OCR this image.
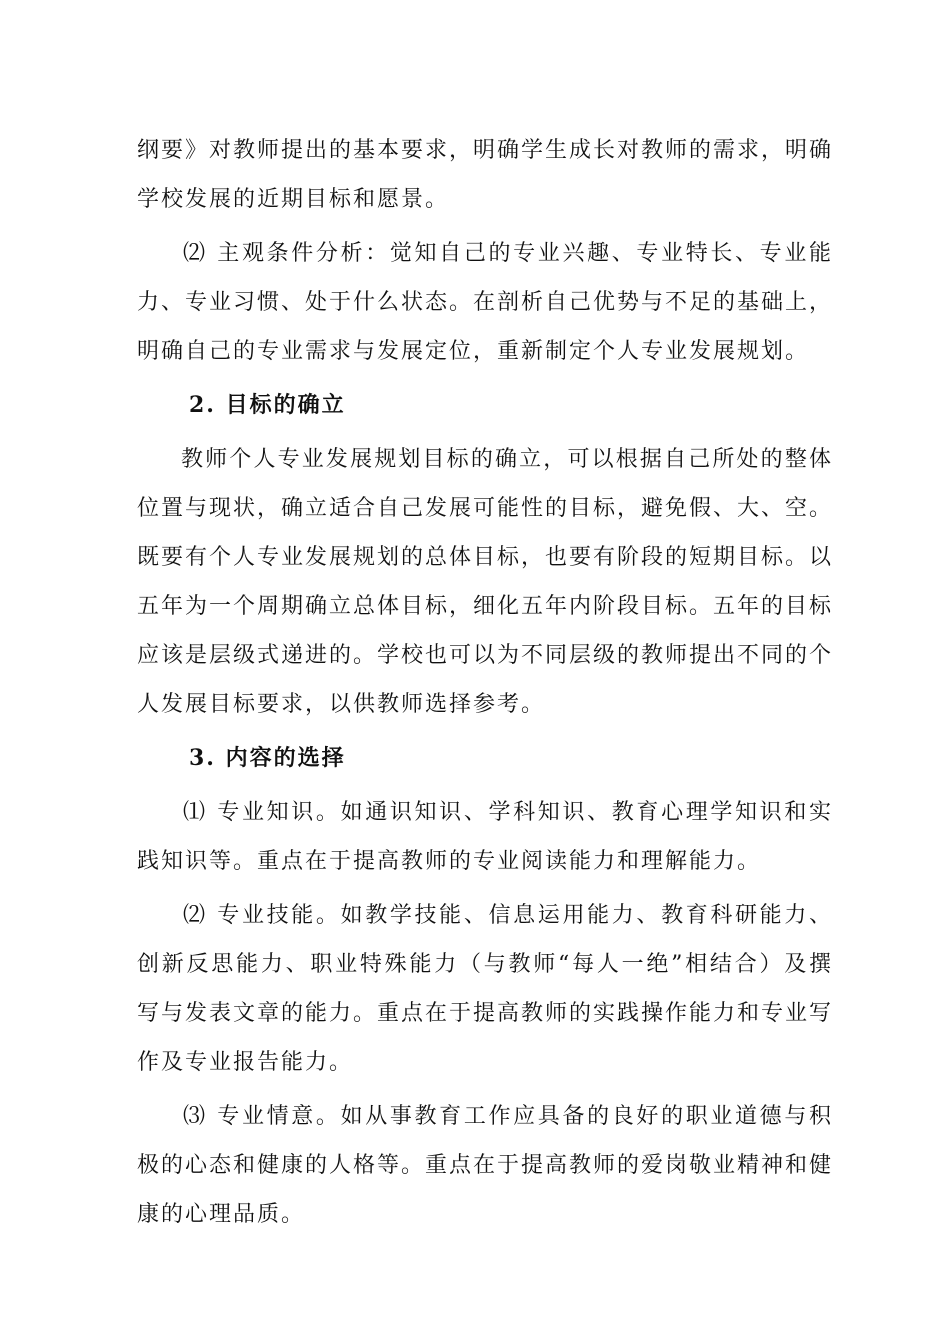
纲要》对教师提出的基本要求，明确学生成长对教师的需求，明确学校发展的近期目标和愿景。

⑵ 主观条件分析：觉知自己的专业兴趣、专业特长、专业能力、专业习惯、处于什么状态。在剖析自己优势与不足的基础上，明确自己的专业需求与发展定位，重新制定个人专业发展规划。

2. 目标的确立

教师个人专业发展规划目标的确立，可以根据自己所处的整体位置与现状，确立适合自己发展可能性的目标，避免假、大、空。既要有个人专业发展规划的总体目标，也要有阶段的短期目标。以五年为一个周期确立总体目标，细化五年内阶段目标。五年的目标应该是层级式递进的。学校也可以为不同层级的教师提出不同的个人发展目标要求，以供教师选择参考。

3. 内容的选择

⑴ 专业知识。如通识知识、学科知识、教育心理学知识和实践知识等。重点在于提高教师的专业阅读能力和理解能力。

⑵ 专业技能。如教学技能、信息运用能力、教育科研能力、创新反思能力、职业特殊能力（与教师“每人一绝”相结合）及撰写与发表文章的能力。重点在于提高教师的实践操作能力和专业写作及专业报告能力。

⑶ 专业情意。如从事教育工作应具备的良好的职业道德与积极的心态和健康的人格等。重点在于提高教师的爱岗敬业精神和健康的心理品质。
